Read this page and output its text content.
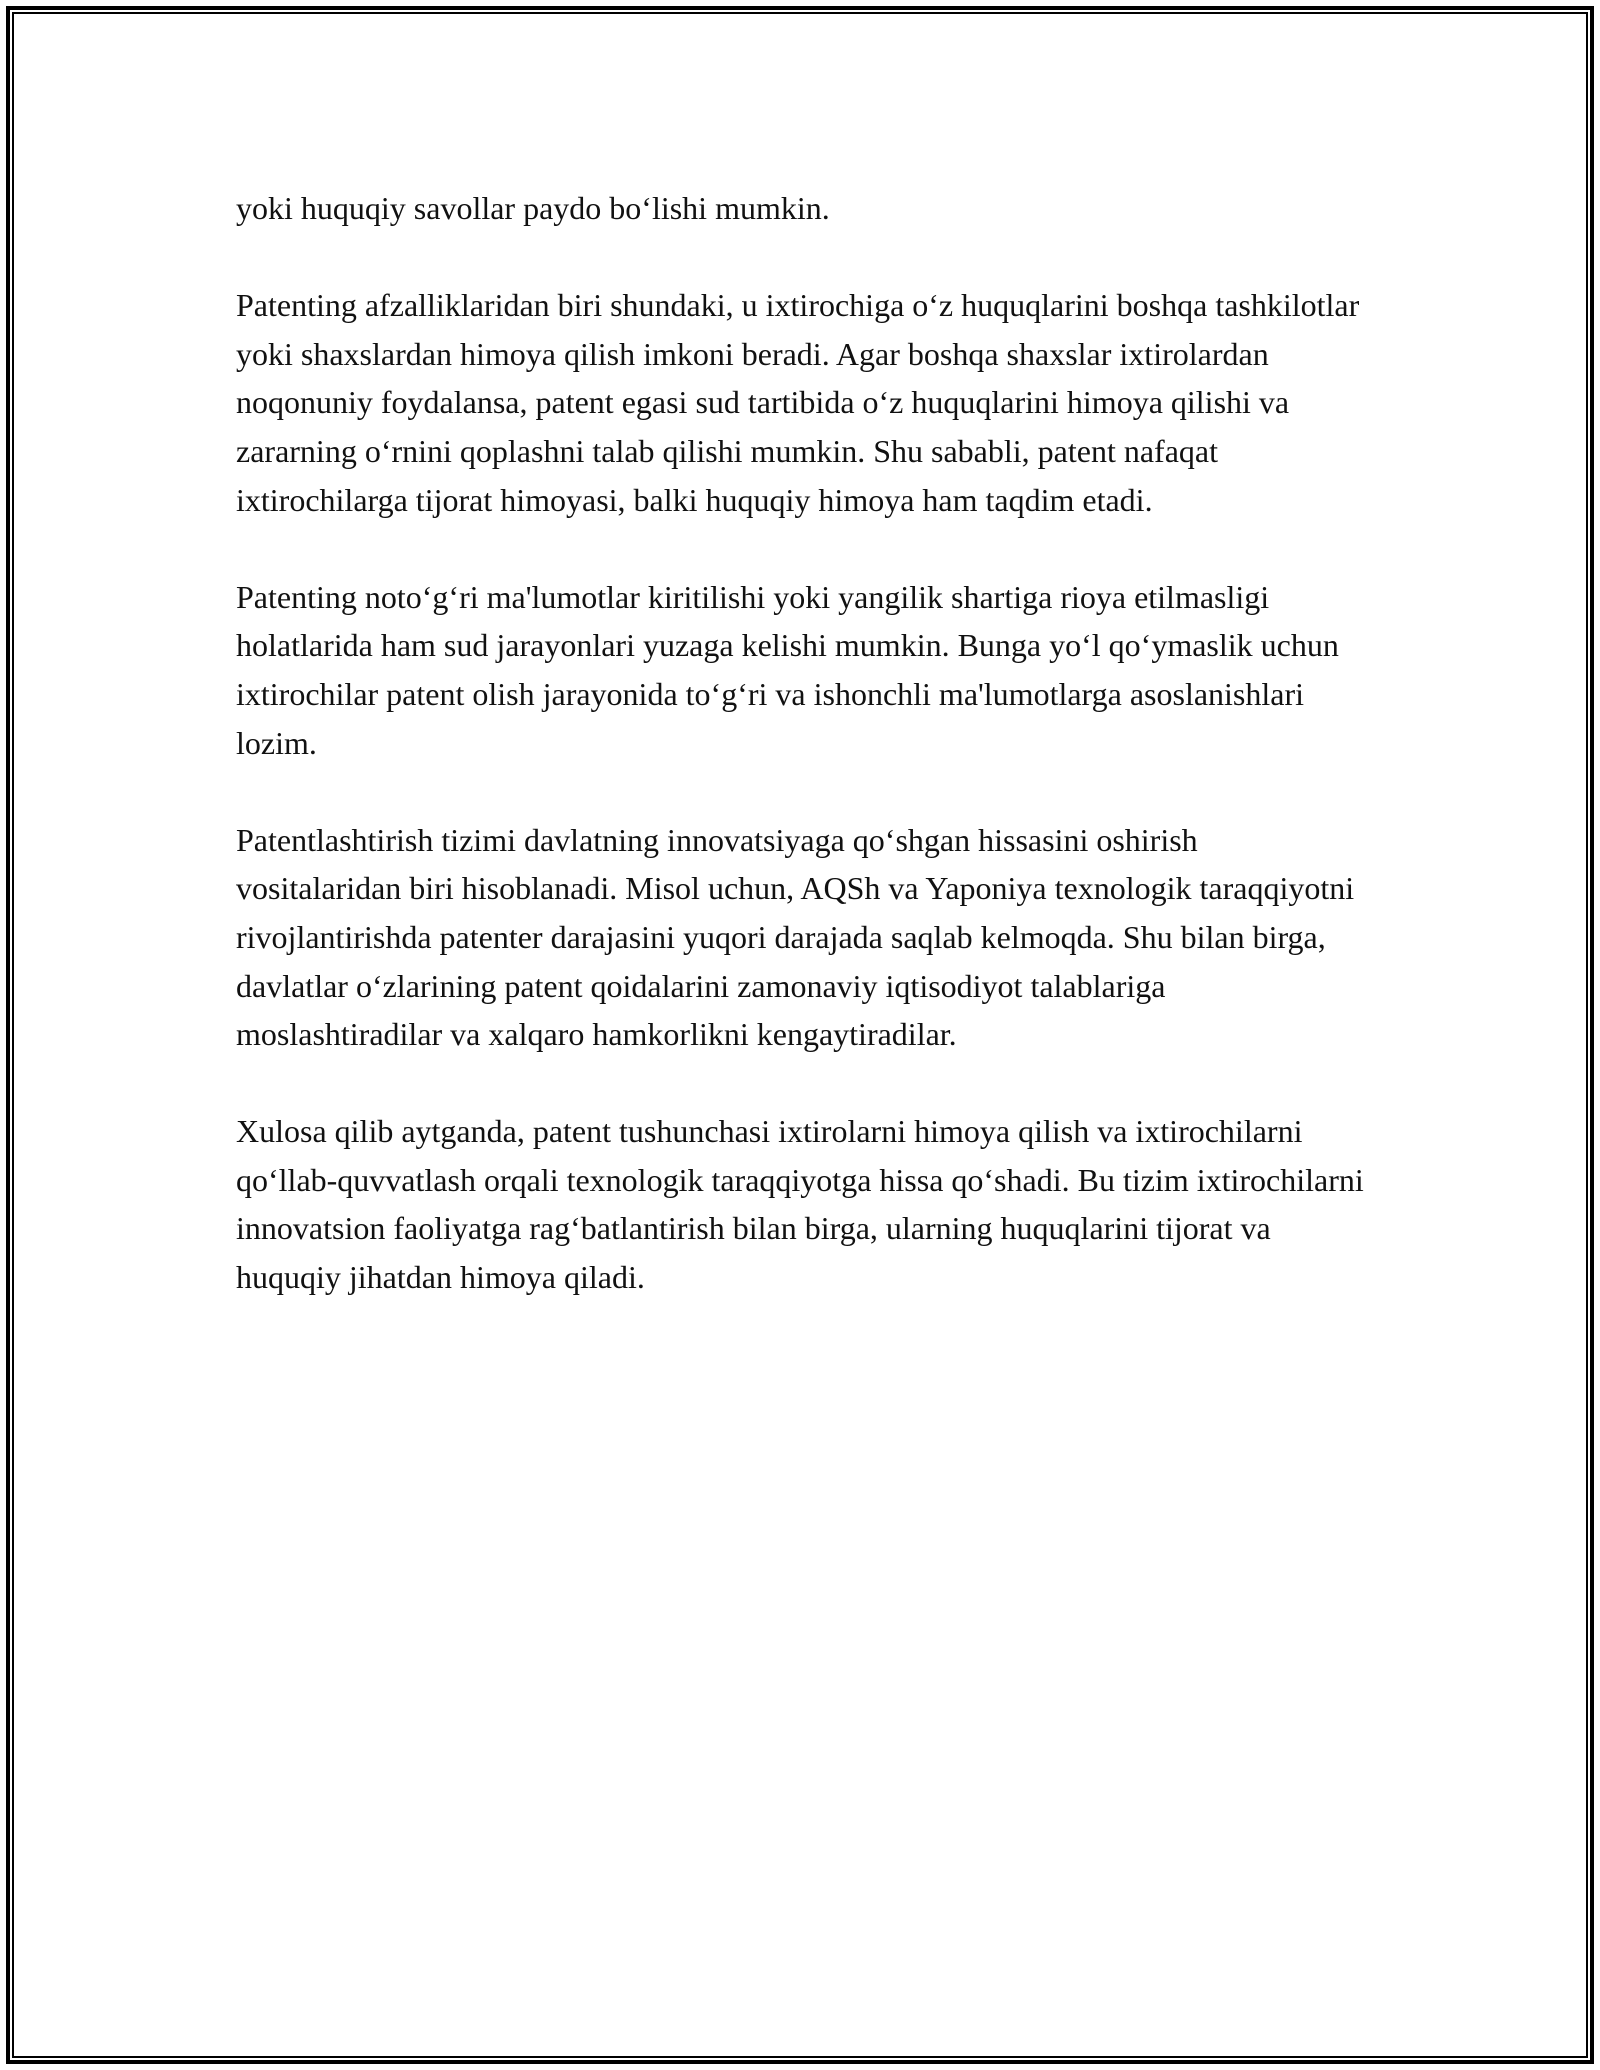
yoki huquqiy savollar paydo bo‘lishi mumkin.

Patenting afzalliklaridan biri shundaki, u ixtirochiga o‘z huquqlarini boshqa tashkilotlar yoki shaxslardan himoya qilish imkoni beradi. Agar boshqa shaxslar ixtirolardan noqonuniy foydalansa, patent egasi sud tartibida o‘z huquqlarini himoya qilishi va zararning o‘rnini qoplashni talab qilishi mumkin. Shu sababli, patent nafaqat ixtirochilarga tijorat himoyasi, balki huquqiy himoya ham taqdim etadi.

Patenting noto‘g‘ri ma'lumotlar kiritilishi yoki yangilik shartiga rioya etilmasligi holatlarida ham sud jarayonlari yuzaga kelishi mumkin. Bunga yo‘l qo‘ymaslik uchun ixtirochilar patent olish jarayonida to‘g‘ri va ishonchli ma'lumotlarga asoslanishlari lozim.

Patentlashtirish tizimi davlatning innovatsiyaga qo‘shgan hissasini oshirish vositalaridan biri hisoblanadi. Misol uchun, AQSh va Yaponiya texnologik taraqqiyotni rivojlantirishda patenter darajasini yuqori darajada saqlab kelmoqda. Shu bilan birga, davlatlar o‘zlarining patent qoidalarini zamonaviy iqtisodiyot talablariga moslashtiradilar va xalqaro hamkorlikni kengaytiradilar.

Xulosa qilib aytganda, patent tushunchasi ixtirolarni himoya qilish va ixtirochilarni qo‘llab-quvvatlash orqali texnologik taraqqiyotga hissa qo‘shadi. Bu tizim ixtirochilarni innovatsion faoliyatga rag‘batlantirish bilan birga, ularning huquqlarini tijorat va huquqiy jihatdan himoya qiladi.
